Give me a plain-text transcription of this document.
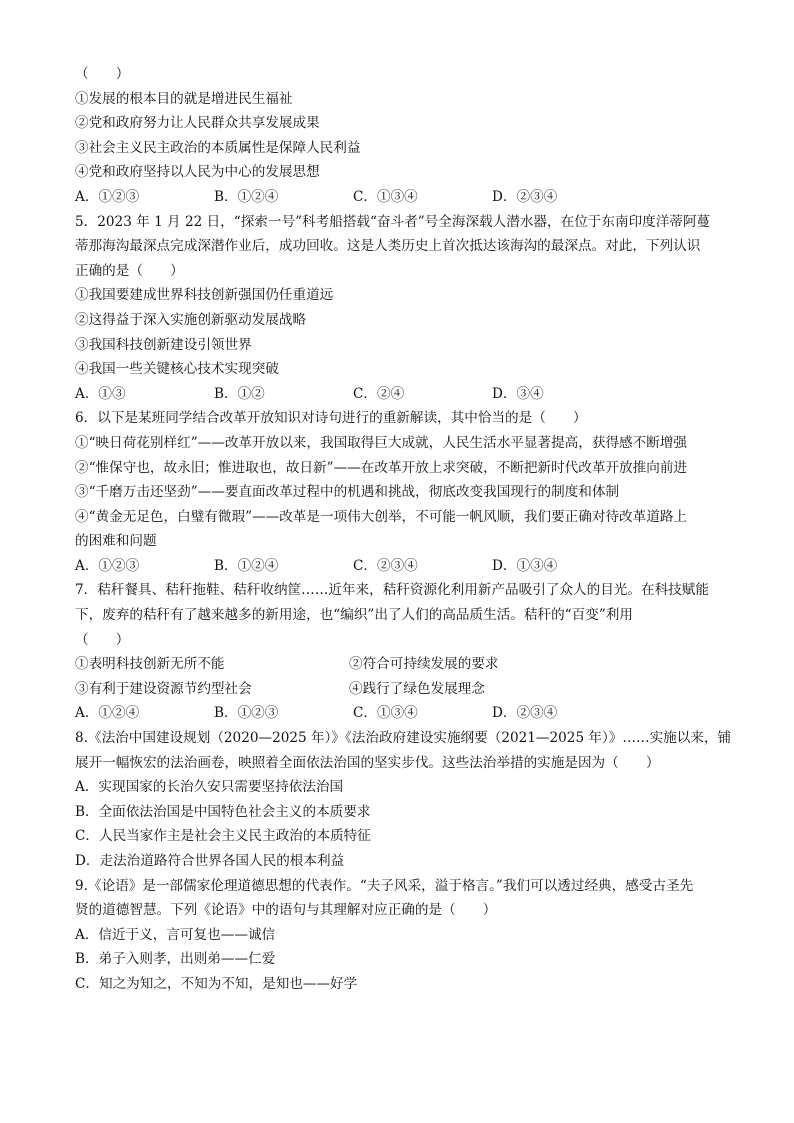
（　　）
①发展的根本目的就是增进民生福祉
②党和政府努力让人民群众共享发展成果
③社会主义民主政治的本质属性是保障人民利益
④党和政府坚持以人民为中心的发展思想
A．①②③	B．①②④	C．①③④	D．②③④
5．2023 年 1 月 22 日，“探索一号”科考船搭载“奋斗者”号全海深载人潜水器，在位于东南印度洋蒂阿蔓
蒂那海沟最深点完成深潜作业后，成功回收。这是人类历史上首次抵达该海沟的最深点。对此，下列认识
正确的是（　　）
①我国要建成世界科技创新强国仍任重道远
②这得益于深入实施创新驱动发展战略
③我国科技创新建设引领世界
④我国一些关键核心技术实现突破
A．①③	B．①②	C．②④	D．③④
6．以下是某班同学结合改革开放知识对诗句进行的重新解读，其中恰当的是（　　）
①“映日荷花别样红”——改革开放以来，我国取得巨大成就，人民生活水平显著提高，获得感不断增强
②“惟保守也，故永旧；惟进取也，故日新”——在改革开放上求突破，不断把新时代改革开放推向前进
③“千磨万击还坚劲”——要直面改革过程中的机遇和挑战，彻底改变我国现行的制度和体制
④“黄金无足色，白璧有微瑕”——改革是一项伟大创举，不可能一帆风顺，我们要正确对待改革道路上
的困难和问题
A．①②③	B．①②④	C．②③④	D．①③④
7．秸秆餐具、秸秆拖鞋、秸秆收纳筐……近年来，秸秆资源化利用新产品吸引了众人的目光。在科技赋能
下，废弃的秸秆有了越来越多的新用途，也“编织”出了人们的高品质生活。秸秆的“百变”利用
（　　）
①表明科技创新无所不能	②符合可持续发展的要求
③有利于建设资源节约型社会	④践行了绿色发展理念
A．①②④	B．①②③	C．①③④	D．②③④
8.《法治中国建设规划（2020—2025 年）》《法治政府建设实施纲要（2021—2025 年）》……实施以来，铺
展开一幅恢宏的法治画卷，映照着全面依法治国的坚实步伐。这些法治举措的实施是因为（　　）
A．实现国家的长治久安只需要坚持依法治国
B．全面依法治国是中国特色社会主义的本质要求
C．人民当家作主是社会主义民主政治的本质特征
D．走法治道路符合世界各国人民的根本利益
9.《论语》是一部儒家伦理道德思想的代表作。“夫子风采，溢于格言。”我们可以透过经典，感受古圣先
贤的道德智慧。下列《论语》中的语句与其理解对应正确的是（　　）
A．信近于义，言可复也——诚信
B．弟子入则孝，出则弟——仁爱
C．知之为知之，不知为不知，是知也——好学
